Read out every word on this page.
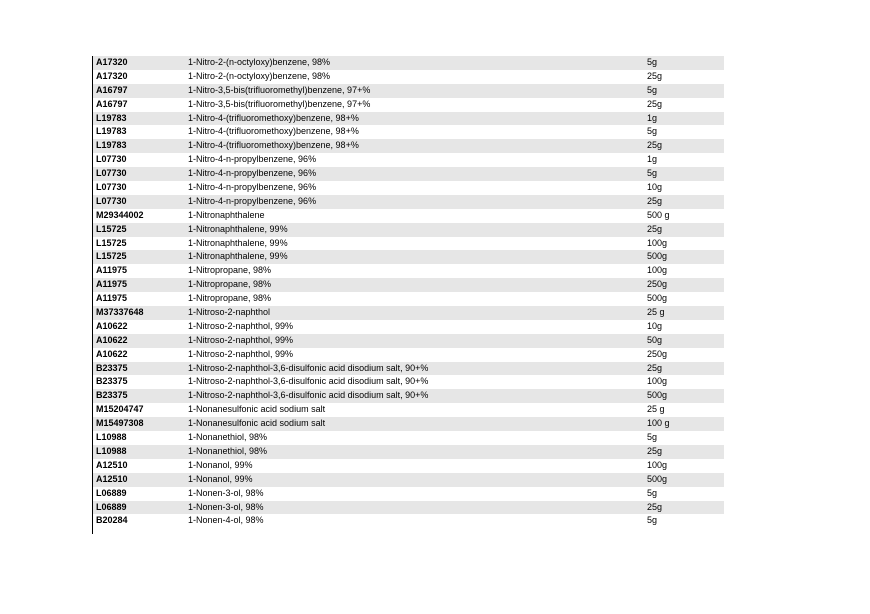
A17320	1-Nitro-2-(n-octyloxy)benzene, 98%	5g
A17320	1-Nitro-2-(n-octyloxy)benzene, 98%	25g
A16797	1-Nitro-3,5-bis(trifluoromethyl)benzene, 97+%	5g
A16797	1-Nitro-3,5-bis(trifluoromethyl)benzene, 97+%	25g
L19783	1-Nitro-4-(trifluoromethoxy)benzene, 98+%	1g
L19783	1-Nitro-4-(trifluoromethoxy)benzene, 98+%	5g
L19783	1-Nitro-4-(trifluoromethoxy)benzene, 98+%	25g
L07730	1-Nitro-4-n-propylbenzene, 96%	1g
L07730	1-Nitro-4-n-propylbenzene, 96%	5g
L07730	1-Nitro-4-n-propylbenzene, 96%	10g
L07730	1-Nitro-4-n-propylbenzene, 96%	25g
M29344002	1-Nitronaphthalene	500 g
L15725	1-Nitronaphthalene, 99%	25g
L15725	1-Nitronaphthalene, 99%	100g
L15725	1-Nitronaphthalene, 99%	500g
A11975	1-Nitropropane, 98%	100g
A11975	1-Nitropropane, 98%	250g
A11975	1-Nitropropane, 98%	500g
M37337648	1-Nitroso-2-naphthol	25 g
A10622	1-Nitroso-2-naphthol, 99%	10g
A10622	1-Nitroso-2-naphthol, 99%	50g
A10622	1-Nitroso-2-naphthol, 99%	250g
B23375	1-Nitroso-2-naphthol-3,6-disulfonic acid disodium salt, 90+%	25g
B23375	1-Nitroso-2-naphthol-3,6-disulfonic acid disodium salt, 90+%	100g
B23375	1-Nitroso-2-naphthol-3,6-disulfonic acid disodium salt, 90+%	500g
M15204747	1-Nonanesulfonic acid sodium salt	25 g
M15497308	1-Nonanesulfonic acid sodium salt	100 g
L10988	1-Nonanethiol, 98%	5g
L10988	1-Nonanethiol, 98%	25g
A12510	1-Nonanol, 99%	100g
A12510	1-Nonanol, 99%	500g
L06889	1-Nonen-3-ol, 98%	5g
L06889	1-Nonen-3-ol, 98%	25g
B20284	1-Nonen-4-ol, 98%	5g
